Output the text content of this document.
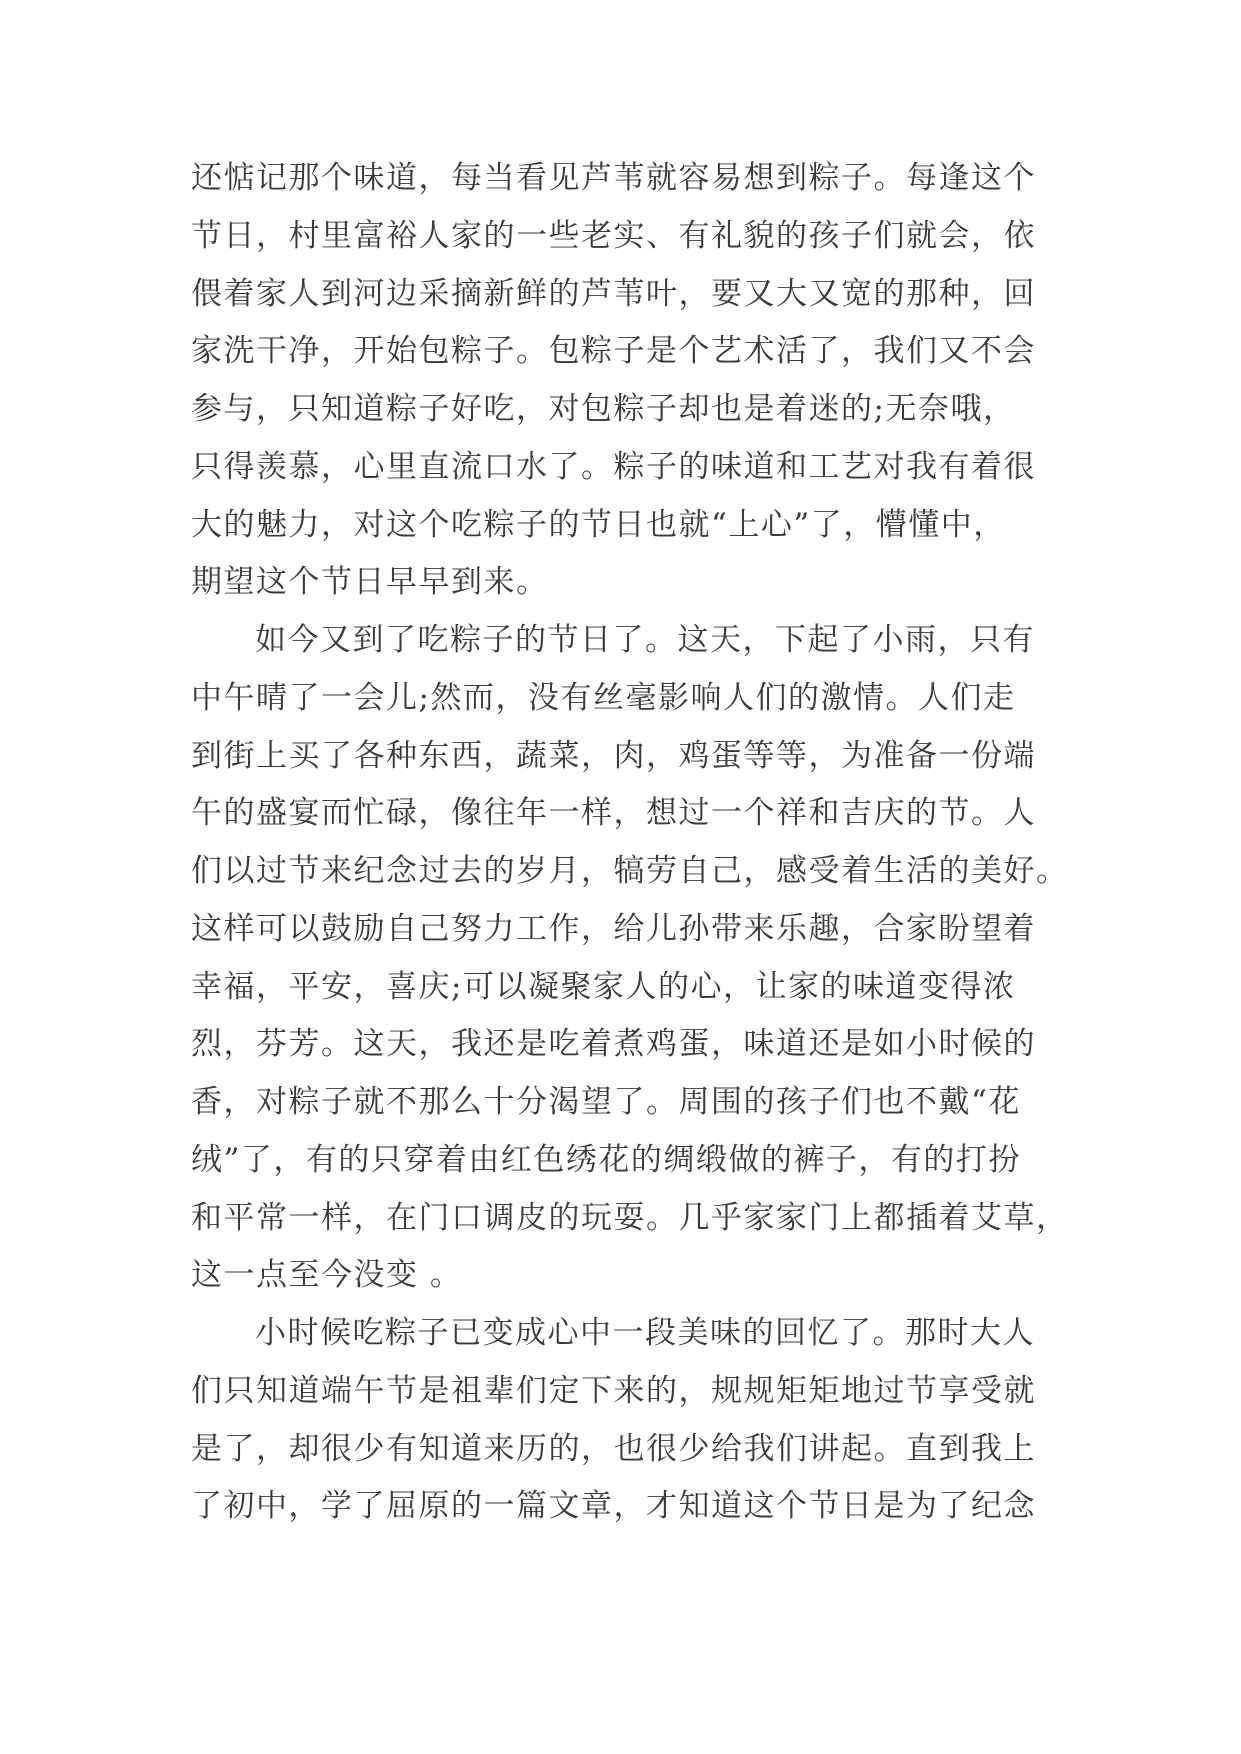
还惦记那个味道，每当看见芦苇就容易想到粽子。每逢这个
节日，村里富裕人家的一些老实、有礼貌的孩子们就会，依
偎着家人到河边采摘新鲜的芦苇叶，要又大又宽的那种，回
家洗干净，开始包粽子。包粽子是个艺术活了，我们又不会
参与，只知道粽子好吃，对包粽子却也是着迷的;无奈哦，
只得羡慕，心里直流口水了。粽子的味道和工艺对我有着很
大的魅力，对这个吃粽子的节日也就“上心”了，懵懂中，
期望这个节日早早到来。
如今又到了吃粽子的节日了。这天，下起了小雨，只有
中午晴了一会儿;然而，没有丝毫影响人们的激情。人们走
到街上买了各种东西，蔬菜，肉，鸡蛋等等，为准备一份端
午的盛宴而忙碌，像往年一样，想过一个祥和吉庆的节。人
们以过节来纪念过去的岁月，犒劳自己，感受着生活的美好。
这样可以鼓励自己努力工作，给儿孙带来乐趣，合家盼望着
幸福，平安，喜庆;可以凝聚家人的心，让家的味道变得浓
烈，芬芳。这天，我还是吃着煮鸡蛋，味道还是如小时候的
香，对粽子就不那么十分渴望了。周围的孩子们也不戴“花
绒”了，有的只穿着由红色绣花的绸缎做的裤子，有的打扮
和平常一样，在门口调皮的玩耍。几乎家家门上都插着艾草，
这一点至今没变 。
小时候吃粽子已变成心中一段美味的回忆了。那时大人
们只知道端午节是祖辈们定下来的，规规矩矩地过节享受就
是了，却很少有知道来历的，也很少给我们讲起。直到我上
了初中，学了屈原的一篇文章，才知道这个节日是为了纪念
